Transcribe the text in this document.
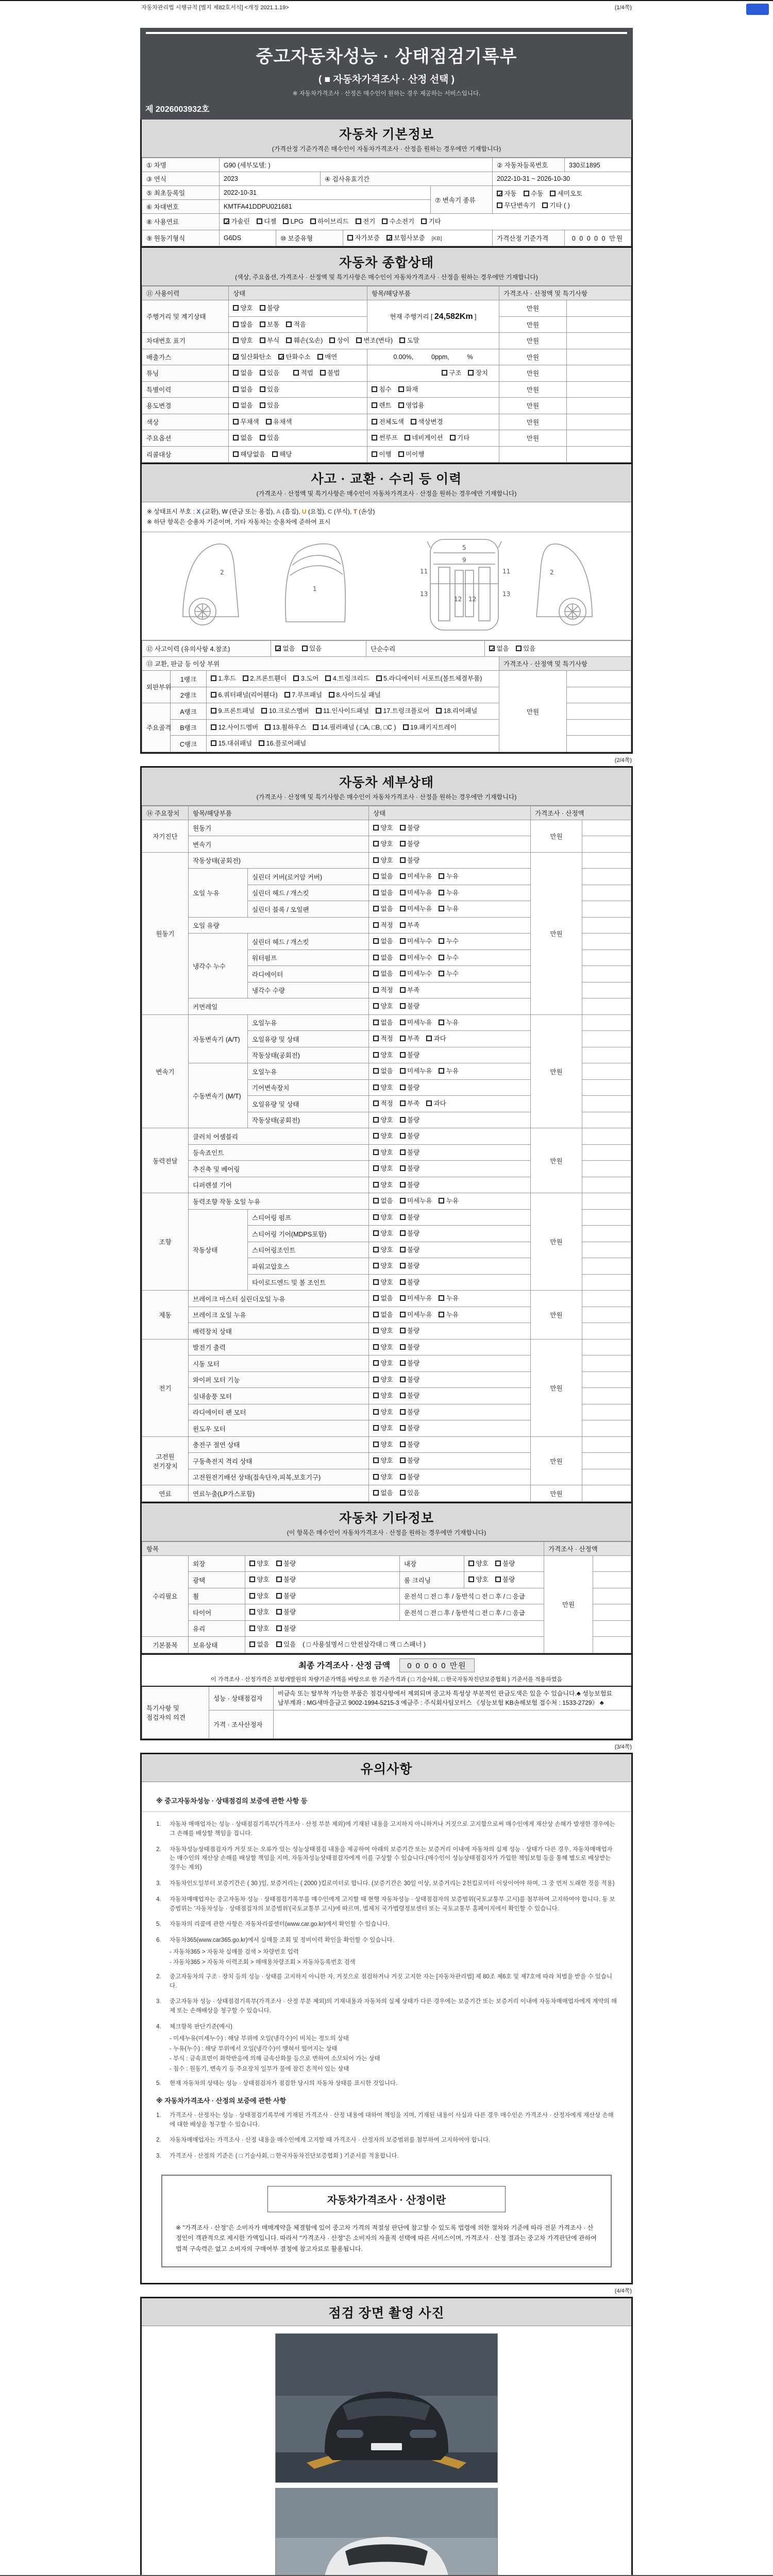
자동차관리법 시행규칙 [별지 제82호서식] <개정 2021.1.19>	(1/4쪽)
중고자동차성능 · 상태점검기록부
( ■ 자동차가격조사 · 산정 선택 )
※ 자동차가격조사 · 산정은 매수인이 원하는 경우 제공하는 서비스입니다.
제 2026003932호
자동차 기본정보

(가격산정 기준가격은 매수인이 자동차가격조사 · 산정을 원하는 경우에만 기재합니다)

① 차명	G90 (세부모델: )	② 자동차등록번호	330로1895
③ 연식	2023	④ 검사유효기간	2022-10-31 ~ 2026-10-30
⑤ 최초등록일	2022-10-31	⑦ 변속기 종류	
✓ 자동 수동 세미오토
무단변속기 기타 ( )

⑥ 차대번호	KMTFA41DDPU021681		
⑧ 사용연료	✓ 가솔린 디젤 LPG 하이브리드 전기 수소전기 기타
⑨ 원동기형식	G6DS	⑩ 보증유형	자가보증✓ 보험사보증 [KB]	가격산정 기준가격	0 0 0 0 0 만원
자동차 종합상태

(색상, 주요옵션, 가격조사 · 산정액 및 특기사항은 매수인이 자동차가격조사 · 산정을 원하는 경우에만 기재합니다)

⑪ 사용이력	상태	항목/해당부품	가격조사 · 산정액 및 특기사항	
주행거리 및 계기상태	양호 불량	현재 주행거리 [ 24,582Km ]	만원	
	많음 보통 적음		만원	
차대번호 표기	양호 부식 훼손(오손) 상이 변조(변타) 도말		만원	
배출가스	✓ 일산화탄소✓ 탄화수소 매연	0.00%,          0ppm,          %	만원	
튜닝	없음 있음 적법 불법	구조 장치	만원	
특별이력	없음 있음	침수 화재	만원	
용도변경	없음 있음	렌트 영업용	만원	
색상	무채색 유채색	전체도색 색상변경	만원	
주요옵션	없음 있음	썬루프 네비게이션 기타	만원	
리콜대상	해당없음 해당	이행 미이행		
사고 · 교환 · 수리 등 이력

(가격조사 · 산정액 및 특기사항은 매수인이 자동차가격조사 · 산정을 원하는 경우에만 기재합니다)

※ 상태표시 부호 : X (교환), W (판금 또는 용접), A (흠집), U (요철), C (부식), T (손상)
※ 하단 항목은 승용차 기준이며, 기타 자동차는 승용차에 준하여 표시
2
1
5
9
11	11
12 12
13	13
2
⑫ 사고이력 (유의사항 4.참조)	✓ 없음 있음	단순수리	✓ 없음 있음
⑬ 교환, 판금 등 이상 부위			가격조사 · 산정액 및 특기사항	
외판부위	1랭크	1.후드 2.프론트휀더 3.도어 4.트렁크리드 5.라디에이터 서포트(볼트체결부품)	만원	
	2랭크	6.쿼터패널(리어휀다) 7.루프패널 8.사이드실 패널		
주요골격	A랭크	9.프론트패널 10.크로스멤버 11.인사이드패널 17.트렁크플로어 18.리어패널		
	B랭크	12.사이드멤버 13.휠하우스 14.필러패널 ( □A, □B, □C ) 19.패키지트레이		
	C랭크	15.대쉬패널 16.플로어패널		
(2/4쪽)
자동차 세부상태

(가격조사 · 산정액 및 특기사항은 매수인이 자동차가격조사 · 산정을 원하는 경우에만 기재합니다)

⑭ 주요장치	항목/해당부품		상태	가격조사 · 산정액	
자기진단	원동기		양호 불량	만원	
	변속기		양호 불량		
원동기	작동상태(공회전)		양호 불량	만원	
	오일 누유	실린더 커버(로커암 커버)	없음 미세누유 누유		
		실린더 헤드 / 개스킷	없음 미세누유 누유		
		실린더 블록 / 오일팬	없음 미세누유 누유		
	오일 유량		적정 부족		
	냉각수 누수	실린더 헤드 / 개스킷	없음 미세누수 누수		
		워터펌프	없음 미세누수 누수		
		라디에이터	없음 미세누수 누수		
		냉각수 수량	적정 부족		
	커먼레일		양호 불량		
변속기	자동변속기 (A/T)	오일누유	없음 미세누유 누유	만원	
		오일유량 및 상태	적정 부족 과다		
		작동상태(공회전)	양호 불량		
	수동변속기 (M/T)	오일누유	없음 미세누유 누유		
		기어변속장치	양호 불량		
		오일유량 및 상태	적정 부족 과다		
		작동상태(공회전)	양호 불량		
동력전달	클러치 어셈블리		양호 불량	만원	
	등속죠인트		양호 불량		
	추진축 및 베어링		양호 불량		
	디퍼렌셜 기어		양호 불량		
조향	동력조향 작동 오일 누유		없음 미세누유 누유	만원	
	작동상태	스티어링 펌프	양호 불량		
		스티어링 기어(MDPS포함)	양호 불량		
		스티어링조인트	양호 불량		
		파워고압호스	양호 불량		
		타이로드엔드 및 볼 조인트	양호 불량		
제동	브레이크 마스터 실린더오일 누유		없음 미세누유 누유	만원	
	브레이크 오일 누유		없음 미세누유 누유		
	배력장치 상태		양호 불량		
전기	발전기 출력		양호 불량	만원	
	시동 모터		양호 불량		
	와이퍼 모터 기능		양호 불량		
	실내송풍 모터		양호 불량		
	라디에이터 팬 모터		양호 불량		
	윈도우 모터		양호 불량		
고전원 전기장치	충전구 절연 상태		양호 불량	만원	
	구동축전지 격리 상태		양호 불량		
	고전원전기배선 상태(접속단자,피복,보호기구)		양호 불량		
연료	연료누출(LP가스포함)		없음 있음	만원	
자동차 기타정보

(이 항목은 매수인이 자동차가격조사 · 산정을 원하는 경우에만 기재합니다)

항목					가격조사 · 산정액	
수리필요	외장	양호 불량	내장	양호 불량	만원	
	광택	양호 불량	룸 크리닝	양호 불량		
	휠	양호 불량	운전석 □ 전 □ 후 / 동반석 □ 전 □ 후 / □ 응급			
	타이어	양호 불량	운전석 □ 전 □ 후 / 동반석 □ 전 □ 후 / □ 응급			
	유리	양호 불량				
기본품목	보유상태	없음 있음 ( □ 사용설명서 □ 안전삼각대 □ 잭 □ 스패너 )				
최종 가격조사 · 산정 금액 0 0 0 0 0 만원
이 가격조사 · 산정가격은 보험개발원의 차량기준가액을 바탕으로 한 기준가격과 ( □ 기술사회, □ 한국자동차진단보증협회 ) 기준서를 적용하였음
특기사항 및 점검자의 의견	성능 · 상태점검자	비금속 또는 탈부착 가능한 부품은 점검사항에서 제외되며 중고차 특성상 부분적인 판금도색은 있을 수 있습니다.♣ 성능보험료 납부계좌 : MG새마을금고 9002-1994-5215-3 예금주 : 주식회사팀모터스 《성능보험 KB손해보험 접수처 : 1533-2729》 ♣
	가격 · 조사산정자	
(3/4쪽)
유의사항
※ 중고자동차성능 · 상태점검의 보증에 관한 사항 등
1.	자동차 매매업자는 성능 · 상태점검기록부(가격조사 · 산정 부분 제외)에 기재된 내용을 고지하지 아니하거나 거짓으로 고지함으로써 매수인에게 재산상 손해가 발생한 경우에는 그 손해를 배상할 책임을 집니다.
2.	자동차성능상태점검자가 거짓 또는 오류가 있는 성능상태점검 내용을 제공하여 아래의 보증기간 또는 보증거리 이내에 자동차의 실제 성능 · 상태가 다른 경우, 자동차매매업자는 매수인의 재산상 손해를 배상할 책임을 지며, 자동차성능상태점검자에게 이를 구상할 수 있습니다.(매수인이 성능상태점검자가 가입한 책임보험 등을 통해 별도로 배상받는 경우는 제외)
3.	자동차인도일부터 보증기간은 ( 30 )일, 보증거리는 ( 2000 )킬로미터로 합니다. (보증기간은 30일 이상, 보증거리는 2천킬로미터 이상이어야 하며, 그 중 먼저 도래한 것을 적용)
4.	자동차매매업자는 중고자동차 성능 · 상태점검기록부를 매수인에게 고지할 때 현행 자동차성능 · 상태점검자의 보증범위(국토교통부 고시)를 첨부하여 고지하여야 합니다. 동 보증범위는 '자동차성능 · 상태점검자의 보증범위'(국토교통부 고시)에 따르며, 법제처 국가법령정보센터 또는 국토교통부 홈페이지에서 확인할 수 있습니다.
5.	자동차의 리콜에 관한 사항은 자동차리콜센터(www.car.go.kr)에서 확인할 수 있습니다.
6.	자동차365(www.car365.go.kr)에서 실매물 조회 및 정비이력 확인을 확인할 수 있습니다.
- 자동차365 > 자동차 실매물 검색 > 차량번호 입력
- 자동차365 > 자동차 이력조회 > 매매용차량조회 > 자동차등록번호 검색
2.	중고자동차의 구조 · 장치 등의 성능 · 상태를 고지하지 아니한 자, 거짓으로 점검하거나 거짓 고지한 자는 [자동차관리법] 제 80조 제6호 및 제7호에 따라 처벌을 받을 수 있습니다.
3.	중고자동차 성능 · 상태점검기록부(가격조사 · 산정 부분 제외)의 기재내용과 자동차의 실제 상태가 다른 경우에는 보증기간 또는 보증거리 이내에 자동차매매업자에게 계약의 해제 또는 손해배상을 청구할 수 있습니다.
4.	체크항목 판단기준(예시)
- 미세누유(미세누수) : 해당 부위에 오일(냉각수)이 비치는 정도의 상태
- 누유(누수) : 해당 부위에서 오일(냉각수)이 맺혀서 떨어지는 상태
- 부식 : 금속표면이 화학반응에 의해 금속산화물 등으로 변하여 소모되어 가는 상태
- 침수 : 원동기, 변속기 등 주요장치 일부가 물에 잠긴 흔적이 있는 상태
5.	현재 자동차의 상태는 성능 · 상태점검자가 점검한 당시의 자동차 상태를 표시한 것입니다.
※ 자동차가격조사 · 산정의 보증에 관한 사항
1.	가격조사 · 산정자는 성능 · 상태점검기록부에 기재된 가격조사 · 산정 내용에 대하여 책임을 지며, 기재된 내용이 사실과 다른 경우 매수인은 가격조사 · 산정자에게 재산상 손해에 대한 배상을 청구할 수 있습니다.
2.	자동차매매업자는 가격조사 · 산정 내용을 매수인에게 고지할 때 가격조사 · 산정자의 보증범위를 첨부하여 고지하여야 합니다.
3.	가격조사 · 산정의 기준은 ( □ 기술사회, □ 한국자동차진단보증협회 ) 기준서를 적용합니다.
자동차가격조사 · 산정이란
※ "가격조사 · 산정"은 소비자가 매매계약을 체결함에 있어 중고차 가격의 적절성 판단에 참고할 수 있도록 법령에 의한 절차와 기준에 따라 전문 가격조사 · 산정인이 객관적으로 제시한 가액입니다. 따라서 "가격조사 · 산정"은 소비자의 자율적 선택에 따른 서비스이며, 가격조사 · 산정 결과는 중고차 가격판단에 관하여 법적 구속력은 없고 소비자의 구매여부 결정에 참고자료로 활용됩니다.
(4/4쪽)
점검 장면 촬영 사진
